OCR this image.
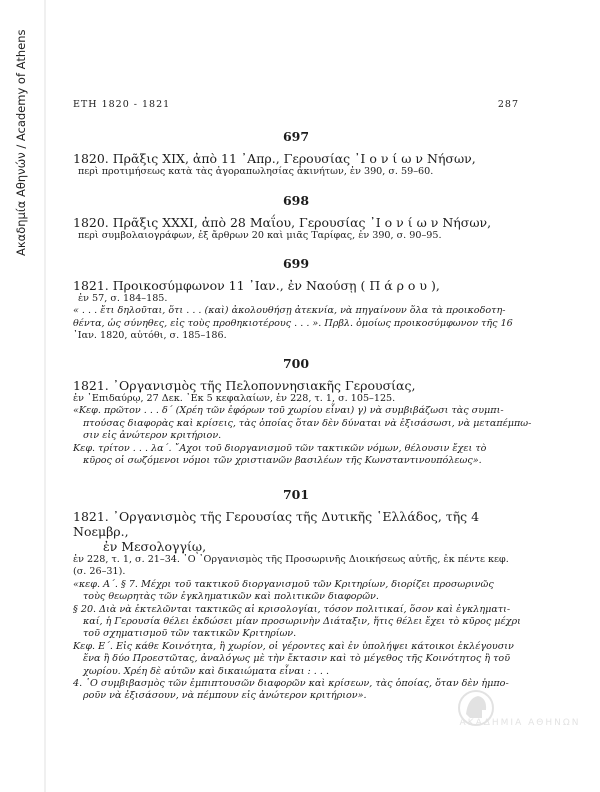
Ακαδημία Αθηνών / Academy of Athens	ΕΤΗ 1820 - 1821	287
697
1820. Πρᾶξις XIX, ἀπὸ 11 ᾿Απρ., Γερουσίας ᾿Ι ο ν ί ω ν Νήσων,
περὶ προτιμήσεως κατὰ τὰς ἀγοραπωλησίας ἀκινήτων, ἐν 390, σ. 59–60.
698
1820. Πρᾶξις XXXI, ἀπὸ 28 Μαΐου, Γερουσίας ᾿Ι ο ν ί ω ν Νήσων,
περὶ συμβολαιογράφων, ἐξ ἄρθρων 20 καὶ μιᾶς Ταρίφας, ἐν 390, σ. 90–95.
699
1821. Προικοσύμφωνον 11 ᾿Ιαν., ἐν Ναούσῃ ( Π ά ρ ο υ ),
ἐν 57, σ. 184–185.
« . . . ἔτι δηλοῦται, ὅτι . . . (καὶ) ἀκολουθήσῃ ἀτεκνία, νὰ πηγαίνουν ὅλα τὰ προικοδοτη-
θέντα, ὡς σύνηθες, εἰς τοὺς προθηκιοτέρους . . . ». Πρβλ. ὁμοίως προικοσύμφωνον τῆς 16
᾿Ιαν. 1820, αὐτόθι, σ. 185–186.
700
1821. ᾿Οργανισμὸς τῆς Πελοποννησιακῆς Γερουσίας,
ἐν ᾿Επιδαύρῳ, 27 Δεκ. ᾿Εκ 5 κεφαλαίων, ἐν 228, τ. 1, σ. 105–125.
«Κεφ. πρῶτον . . . δ´ (Χρέη τῶν ἐφόρων τοῦ χωρίου εἶναι) γ) νὰ συμβιβάζωσι τὰς συμπι-
πτούσας διαφορὰς καὶ κρίσεις, τὰς ὁποίας ὅταν δὲν δύναται νὰ ἐξισάσωσι, νὰ μεταπέμπω-
σιν εἰς ἀνώτερον κριτήριον.
Κεφ. τρίτον . . . λα´. ῎Αχοι τοῦ διοργανισμοῦ τῶν τακτικῶν νόμων, θέλουσιν ἔχει τὸ
κῦρος οἱ σωζόμενοι νόμοι τῶν χριστιανῶν βασιλέων τῆς Κωνσταντινουπόλεως».
701
1821. ᾿Οργανισμὸς τῆς Γερουσίας τῆς Δυτικῆς ῾Ελλάδος, τῆς 4 Νοεμβρ.,
ἐν Μεσολογγίῳ,
ἐν 228, τ. 1, σ. 21–34. ῾Ο ᾿Οργανισμὸς τῆς Προσωρινῆς Διοικήσεως αὐτῆς, ἐκ πέντε κεφ.
(σ. 26–31).
«κεφ. Α´. § 7. Μέχρι τοῦ τακτικοῦ διοργανισμοῦ τῶν Κριτηρίων, διορίζει προσωρινῶς
τοὺς θεωρητὰς τῶν ἐγκληματικῶν καὶ πολιτικῶν διαφορῶν.
§ 20. Διὰ νὰ ἐκτελῶνται τακτικῶς αἱ κρισολογίαι, τόσον πολιτικαί, ὅσον καὶ ἐγκληματι-
καί, ἡ Γερουσία θέλει ἐκδώσει μίαν προσωρινὴν Διάταξιν, ἥτις θέλει ἔχει τὸ κῦρος μέχρι
τοῦ σχηματισμοῦ τῶν τακτικῶν Κριτηρίων.
Κεφ. Ε´. Εἰς κάθε Κοινότητα, ἢ χωρίον, οἱ γέροντες καὶ ἐν ὑπολήψει κάτοικοι ἐκλέγουσιν
ἕνα ἢ δύο Προεστῶτας, ἀναλόγως μὲ τὴν ἔκτασιν καὶ τὸ μέγεθος τῆς Κοινότητος ἢ τοῦ
χωρίου. Χρέη δὲ αὐτῶν καὶ δικαιώματα εἶναι : . . .
4. ῾Ο συμβιβασμὸς τῶν ἐμπιπτουσῶν διαφορῶν καὶ κρίσεων, τὰς ὁποίας, ὅταν δὲν ἠμπο-
ροῦν νὰ ἐξισάσουν, νὰ πέμπουν εἰς ἀνώτερον κριτήριον».
ΑΚΑΔΗΜΙΑ ΑΘΗΝΩΝ
